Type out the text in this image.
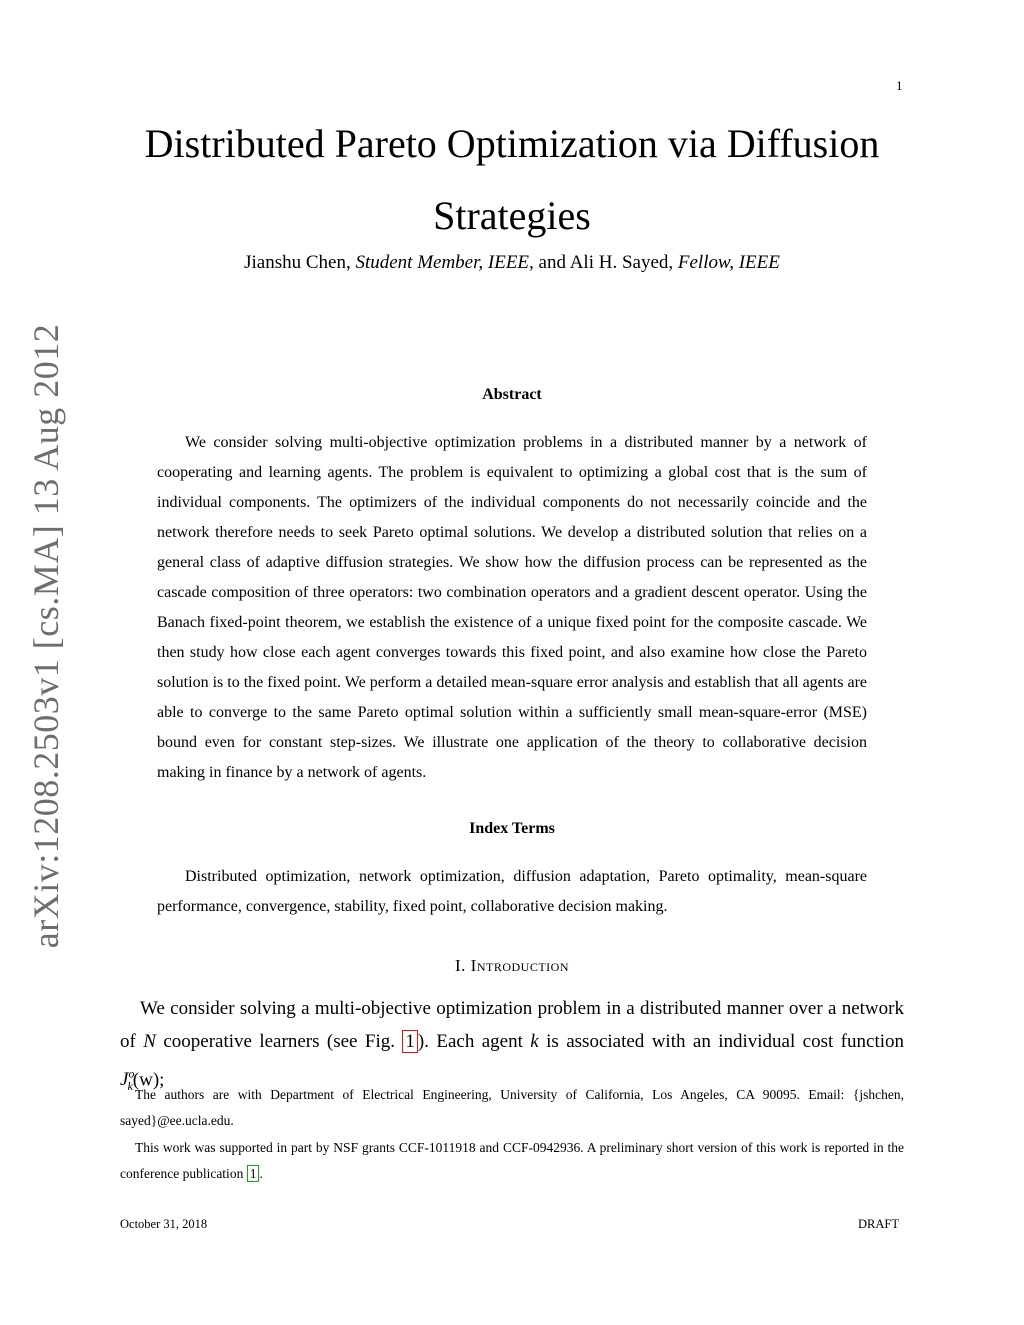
1
arXiv:1208.2503v1 [cs.MA] 13 Aug 2012
Distributed Pareto Optimization via Diffusion Strategies
Jianshu Chen, Student Member, IEEE, and Ali H. Sayed, Fellow, IEEE
Abstract

We consider solving multi-objective optimization problems in a distributed manner by a network of cooperating and learning agents. The problem is equivalent to optimizing a global cost that is the sum of individual components. The optimizers of the individual components do not necessarily coincide and the network therefore needs to seek Pareto optimal solutions. We develop a distributed solution that relies on a general class of adaptive diffusion strategies. We show how the diffusion process can be represented as the cascade composition of three operators: two combination operators and a gradient descent operator. Using the Banach fixed-point theorem, we establish the existence of a unique fixed point for the composite cascade. We then study how close each agent converges towards this fixed point, and also examine how close the Pareto solution is to the fixed point. We perform a detailed mean-square error analysis and establish that all agents are able to converge to the same Pareto optimal solution within a sufficiently small mean-square-error (MSE) bound even for constant step-sizes. We illustrate one application of the theory to collaborative decision making in finance by a network of agents.

Index Terms

Distributed optimization, network optimization, diffusion adaptation, Pareto optimality, mean-square performance, convergence, stability, fixed point, collaborative decision making.

I. Introduction

We consider solving a multi-objective optimization problem in a distributed manner over a network of N cooperative learners (see Fig. 1 ). Each agent k is associated with an individual cost function $J^o_k(w)$;

The authors are with Department of Electrical Engineering, University of California, Los Angeles, CA 90095. Email: {jshchen, sayed}@ee.ucla.edu.

This work was supported in part by NSF grants CCF-1011918 and CCF-0942936. A preliminary short version of this work is reported in the conference publication 1 .

October 31, 2018	DRAFT
